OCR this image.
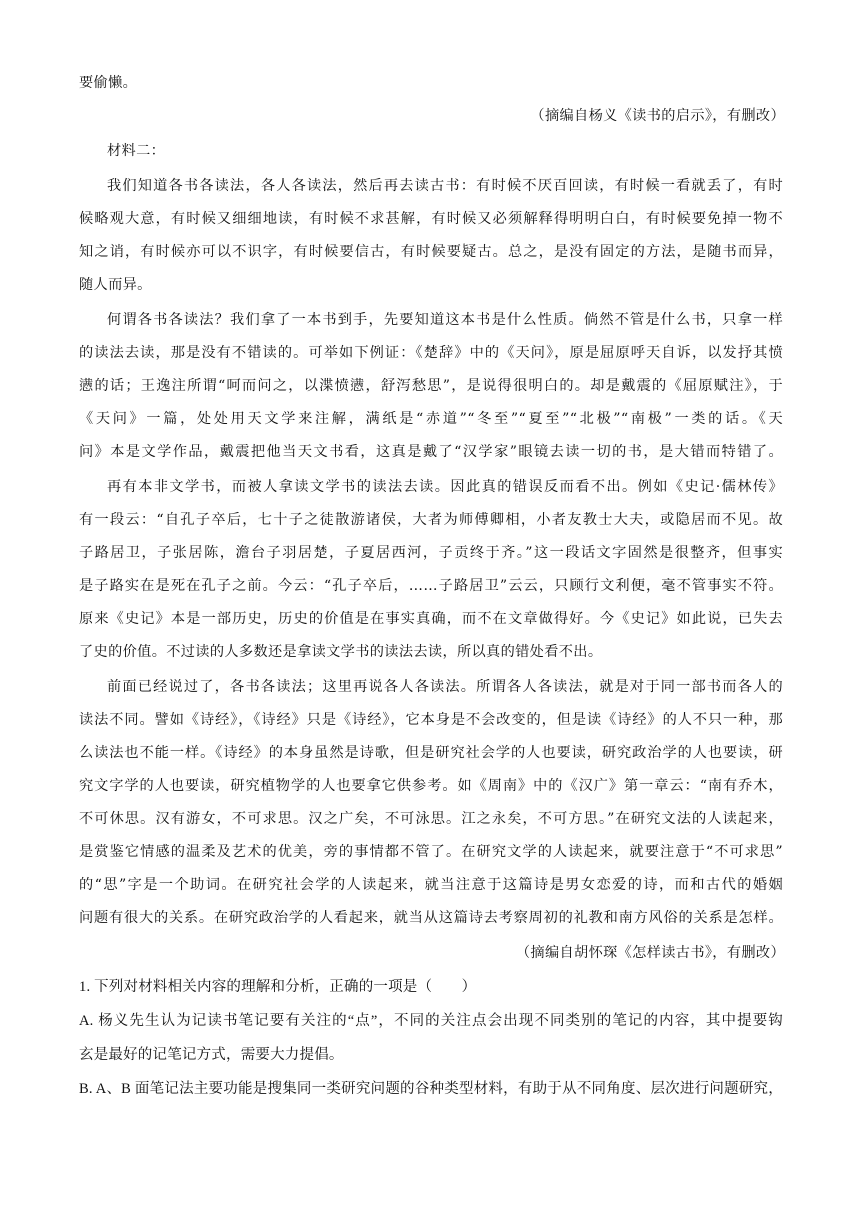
要偷懒。
（摘编自杨义《读书的启示》，有删改）
材料二：
我们知道各书各读法，各人各读法，然后再去读古书：有时候不厌百回读，有时候一看就丢了，有时
候略观大意，有时候又细细地读，有时候不求甚解，有时候又必须解释得明明白白，有时候要免掉一物不
知之诮，有时候亦可以不识字，有时候要信古，有时候要疑古。总之，是没有固定的方法，是随书而异，
随人而异。
何谓各书各读法？我们拿了一本书到手，先要知道这本书是什么性质。倘然不管是什么书，只拿一样
的读法去读，那是没有不错读的。可举如下例证：《楚辞》中的《天问》，原是屈原呼天自诉，以发抒其愤
懑的话；王逸注所谓“呵而问之，以渫愤懑，舒泻愁思”，是说得很明白的。却是戴震的《屈原赋注》，于
《天问》一篇，处处用天文学来注解，满纸是“赤道”“冬至”“夏至”“北极”“南极”一类的话。《天
问》本是文学作品，戴震把他当天文书看，这真是戴了“汉学家”眼镜去读一切的书，是大错而特错了。
再有本非文学书，而被人拿读文学书的读法去读。因此真的错误反而看不出。例如《史记·儒林传》
有一段云：“自孔子卒后，七十子之徒散游诸侯，大者为师傅卿相，小者友教士大夫，或隐居而不见。故
子路居卫，子张居陈，澹台子羽居楚，子夏居西河，子贡终于齐。”这一段话文字固然是很整齐，但事实
是子路实在是死在孔子之前。今云：“孔子卒后，……子路居卫”云云，只顾行文利便，毫不管事实不符。
原来《史记》本是一部历史，历史的价值是在事实真确，而不在文章做得好。今《史记》如此说，已失去
了史的价值。不过读的人多数还是拿读文学书的读法去读，所以真的错处看不出。
前面已经说过了，各书各读法；这里再说各人各读法。所谓各人各读法，就是对于同一部书而各人的
读法不同。譬如《诗经》，《诗经》只是《诗经》，它本身是不会改变的，但是读《诗经》的人不只一种，那
么读法也不能一样。《诗经》的本身虽然是诗歌，但是研究社会学的人也要读，研究政治学的人也要读，研
究文字学的人也要读，研究植物学的人也要拿它供参考。如《周南》中的《汉广》第一章云：“南有乔木，
不可休思。汉有游女，不可求思。汉之广矣，不可泳思。江之永矣，不可方思。”在研究文法的人读起来，
是赏鉴它情感的温柔及艺术的优美，旁的事情都不管了。在研究文学的人读起来，就要注意于“不可求思”
的“思”字是一个助词。在研究社会学的人读起来，就当注意于这篇诗是男女恋爱的诗，而和古代的婚姻
问题有很大的关系。在研究政治学的人看起来，就当从这篇诗去考察周初的礼教和南方风俗的关系是怎样。
（摘编自胡怀琛《怎样读古书》，有删改）
1. 下列对材料相关内容的理解和分析，正确的一项是（　　）
A. 杨义先生认为记读书笔记要有关注的“点”，不同的关注点会出现不同类别的笔记的内容，其中提要钩
玄是最好的记笔记方式，需要大力提倡。
B. A、B 面笔记法主要功能是搜集同一类研究问题的谷种类型材料，有助于从不同角度、层次进行问题研究，
